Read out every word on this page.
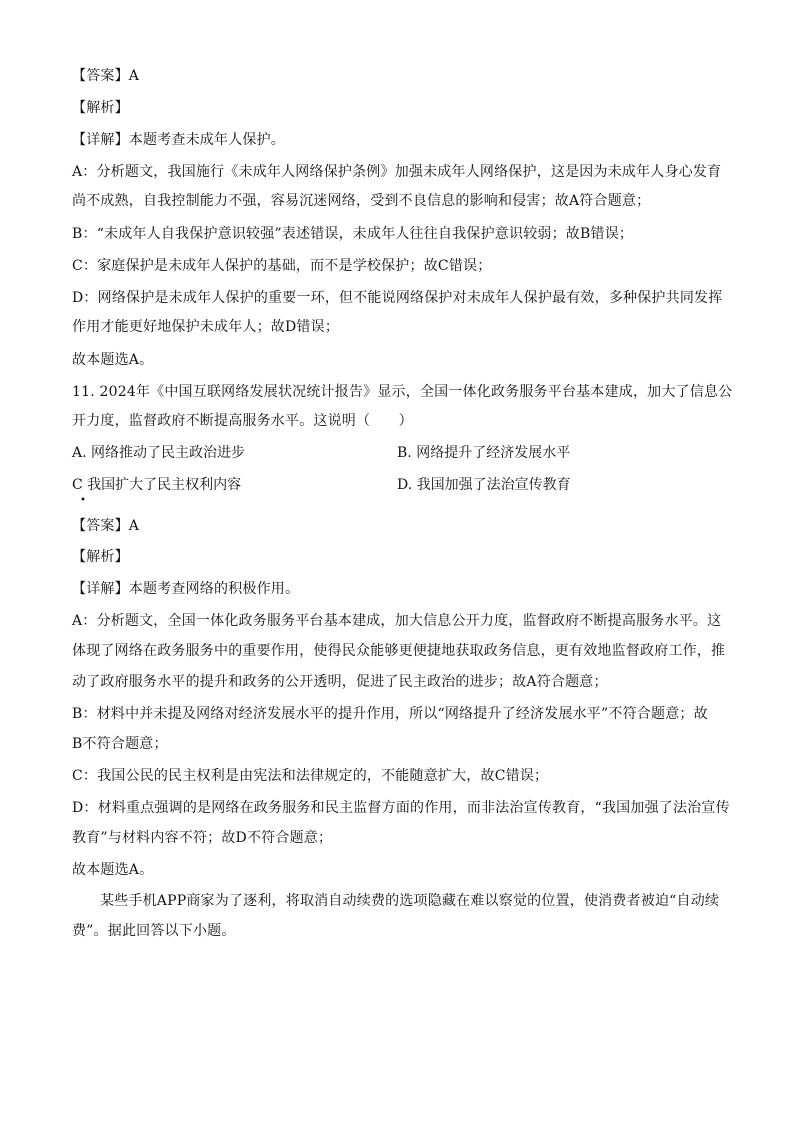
【答案】A
【解析】
【详解】本题考查未成年人保护。
A：分析题文，我国施行《未成年人网络保护条例》加强未成年人网络保护，这是因为未成年人身心发育
尚不成熟，自我控制能力不强，容易沉迷网络，受到不良信息的影响和侵害；故A符合题意；
B：“未成年人自我保护意识较强”表述错误，未成年人往往自我保护意识较弱；故B错误；
C：家庭保护是未成年人保护的基础，而不是学校保护；故C错误；
D：网络保护是未成年人保护的重要一环，但不能说网络保护对未成年人保护最有效，多种保护共同发挥
作用才能更好地保护未成年人；故D错误；
故本题选A。
11. 2024年《中国互联网络发展状况统计报告》显示，全国一体化政务服务平台基本建成，加大了信息公
开力度，监督政府不断提高服务水平。这说明（　　）
A. 网络推动了民主政治进步	B. 网络提升了经济发展水平
C 我国扩大了民主权利内容	D. 我国加强了法治宣传教育
•
【答案】A
【解析】
【详解】本题考查网络的积极作用。
A：分析题文，全国一体化政务服务平台基本建成，加大信息公开力度，监督政府不断提高服务水平。这
体现了网络在政务服务中的重要作用，使得民众能够更便捷地获取政务信息，更有效地监督政府工作，推
动了政府服务水平的提升和政务的公开透明，促进了民主政治的进步；故A符合题意；
B：材料中并未提及网络对经济发展水平的提升作用，所以“网络提升了经济发展水平”不符合题意；故
B不符合题意；
C：我国公民的民主权利是由宪法和法律规定的，不能随意扩大，故C错误；
D：材料重点强调的是网络在政务服务和民主监督方面的作用，而非法治宣传教育，“我国加强了法治宣传
教育”与材料内容不符；故D不符合题意；
故本题选A。
某些手机APP商家为了逐利，将取消自动续费的选项隐藏在难以察觉的位置，使消费者被迫“自动续
费”。据此回答以下小题。
